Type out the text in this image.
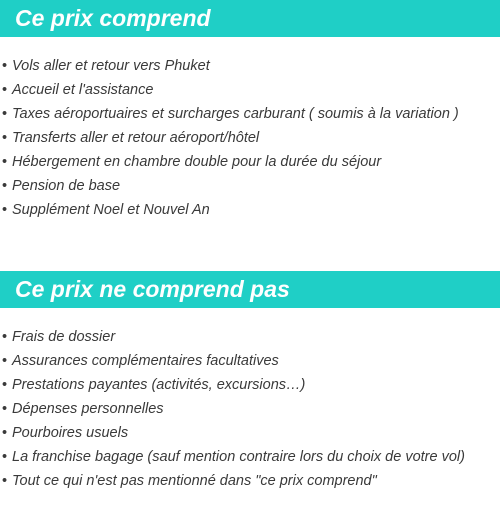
Ce prix comprend
• Vols aller et retour vers Phuket
• Accueil et l'assistance
• Taxes aéroportuaires et surcharges carburant ( soumis à la variation )
• Transferts aller et retour aéroport/hôtel
• Hébergement en chambre double pour la durée du séjour
• Pension de base
• Supplément Noel et Nouvel An
Ce prix ne comprend pas
• Frais de dossier
• Assurances complémentaires facultatives
• Prestations payantes (activités, excursions…)
• Dépenses personnelles
• Pourboires usuels
• La franchise bagage (sauf mention contraire lors du choix de votre vol)
• Tout ce qui n'est pas mentionné dans "ce prix comprend"
